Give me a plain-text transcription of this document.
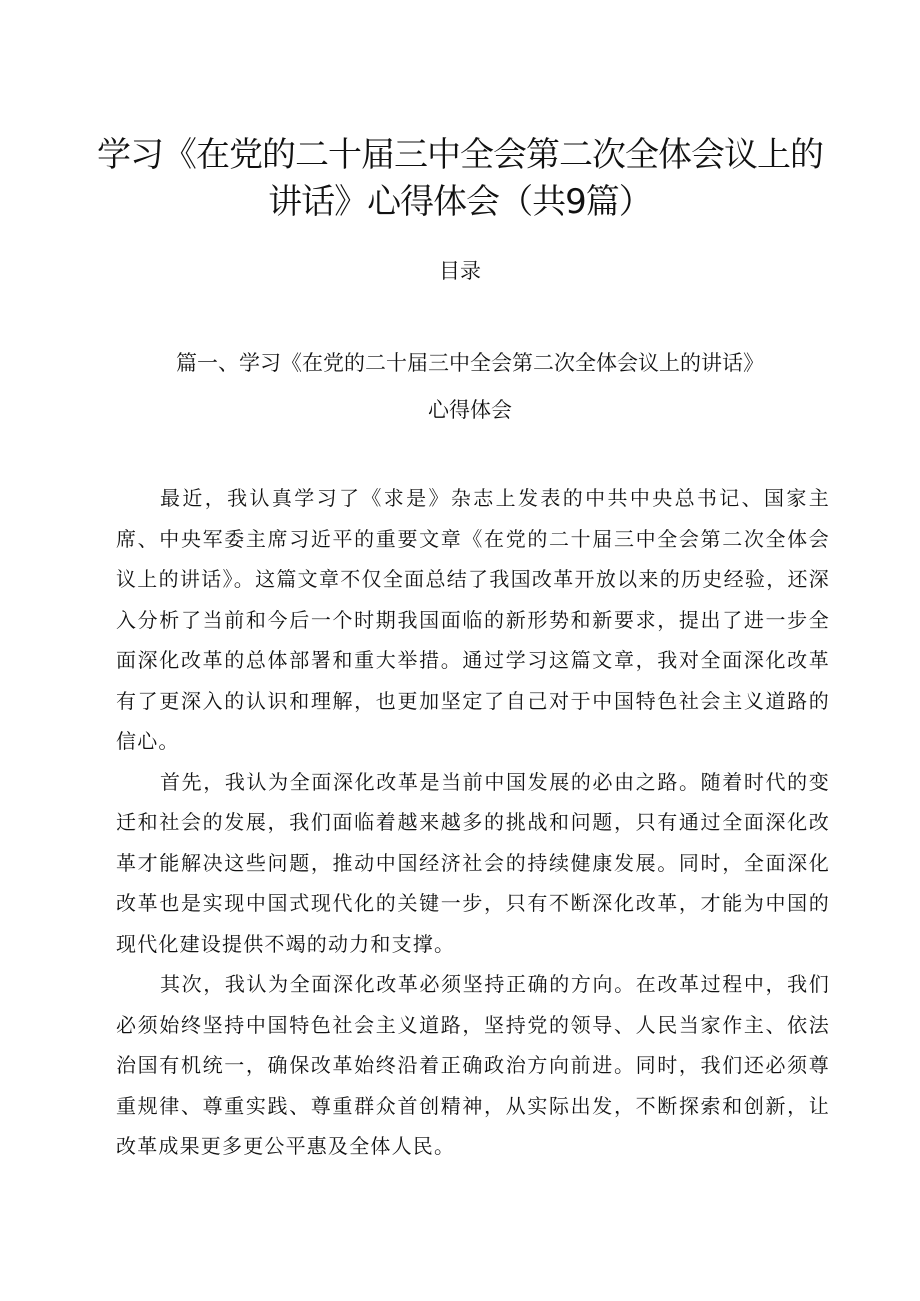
学习《在党的二十届三中全会第二次全体会议上的
讲话》心得体会（共9篇）
目录
篇一、学习《在党的二十届三中全会第二次全体会议上的讲话》
心得体会

最近，我认真学习了《求是》杂志上发表的中共中央总书记、国家主席、中央军委主席习近平的重要文章《在党的二十届三中全会第二次全体会议上的讲话》。这篇文章不仅全面总结了我国改革开放以来的历史经验，还深入分析了当前和今后一个时期我国面临的新形势和新要求，提出了进一步全面深化改革的总体部署和重大举措。通过学习这篇文章，我对全面深化改革有了更深入的认识和理解，也更加坚定了自己对于中国特色社会主义道路的信心。

首先，我认为全面深化改革是当前中国发展的必由之路。随着时代的变迁和社会的发展，我们面临着越来越多的挑战和问题，只有通过全面深化改革才能解决这些问题，推动中国经济社会的持续健康发展。同时，全面深化改革也是实现中国式现代化的关键一步，只有不断深化改革，才能为中国的现代化建设提供不竭的动力和支撑。

其次，我认为全面深化改革必须坚持正确的方向。在改革过程中，我们必须始终坚持中国特色社会主义道路，坚持党的领导、人民当家作主、依法治国有机统一，确保改革始终沿着正确政治方向前进。同时，我们还必须尊重规律、尊重实践、尊重群众首创精神，从实际出发，不断探索和创新，让改革成果更多更公平惠及全体人民。
